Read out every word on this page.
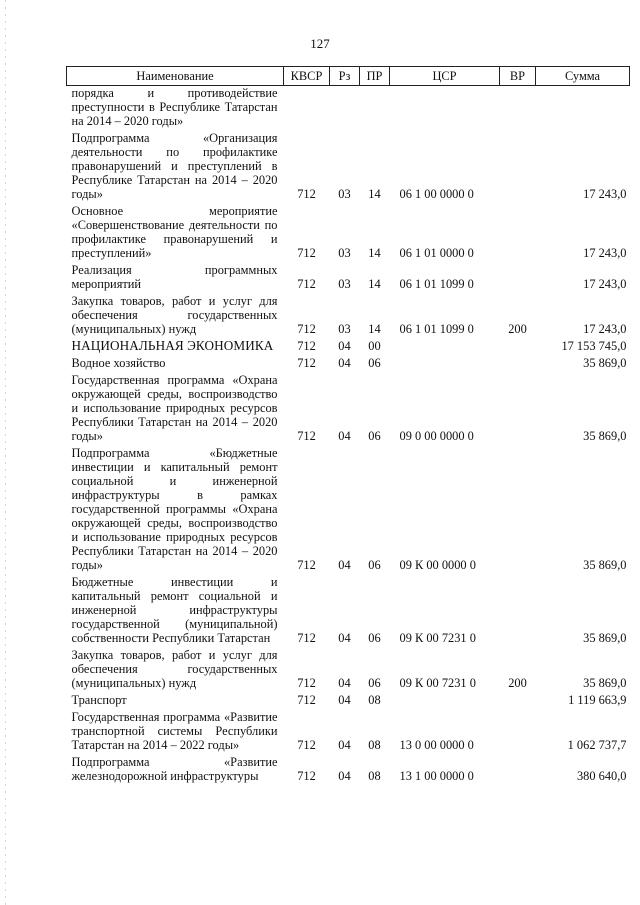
127
Наименование	КВСР	Рз	ПР	ЦСР	ВР	Сумма
порядка и противодействие преступности в Республике Татарстан на 2014 – 2020 годы»						
Подпрограмма «Организация деятельности по профилактике правонарушений и преступлений в Республике Татарстан на 2014 – 2020 годы»	712	03	14	06 1 00 0000 0		17 243,0
Основное мероприятие «Совершенствование деятельности по профилактике правонарушений и преступлений»	712	03	14	06 1 01 0000 0		17 243,0
Реализация программных мероприятий	712	03	14	06 1 01 1099 0		17 243,0
Закупка товаров, работ и услуг для обеспечения государственных (муниципальных) нужд	712	03	14	06 1 01 1099 0	200	17 243,0
НАЦИОНАЛЬНАЯ ЭКОНОМИКА	712	04	00			17 153 745,0
Водное хозяйство	712	04	06			35 869,0
Государственная программа «Охрана окружающей среды, воспроизводство и использование природных ресурсов Республики Татарстан на 2014 – 2020 годы»	712	04	06	09 0 00 0000 0		35 869,0
Подпрограмма «Бюджетные инвестиции и капитальный ремонт социальной и инженерной инфраструктуры в рамках государственной программы «Охрана окружающей среды, воспроизводство и использование природных ресурсов Республики Татарстан на 2014 – 2020 годы»	712	04	06	09 К 00 0000 0		35 869,0
Бюджетные инвестиции и капитальный ремонт социальной и инженерной инфраструктуры государственной (муниципальной) собственности Республики Татарстан	712	04	06	09 К 00 7231 0		35 869,0
Закупка товаров, работ и услуг для обеспечения государственных (муниципальных) нужд	712	04	06	09 К 00 7231 0	200	35 869,0
Транспорт	712	04	08			1 119 663,9
Государственная программа «Развитие транспортной системы Республики Татарстан на 2014 – 2022 годы»	712	04	08	13 0 00 0000 0		1 062 737,7
Подпрограмма «Развитие железнодорожной инфраструктуры	712	04	08	13 1 00 0000 0		380 640,0
